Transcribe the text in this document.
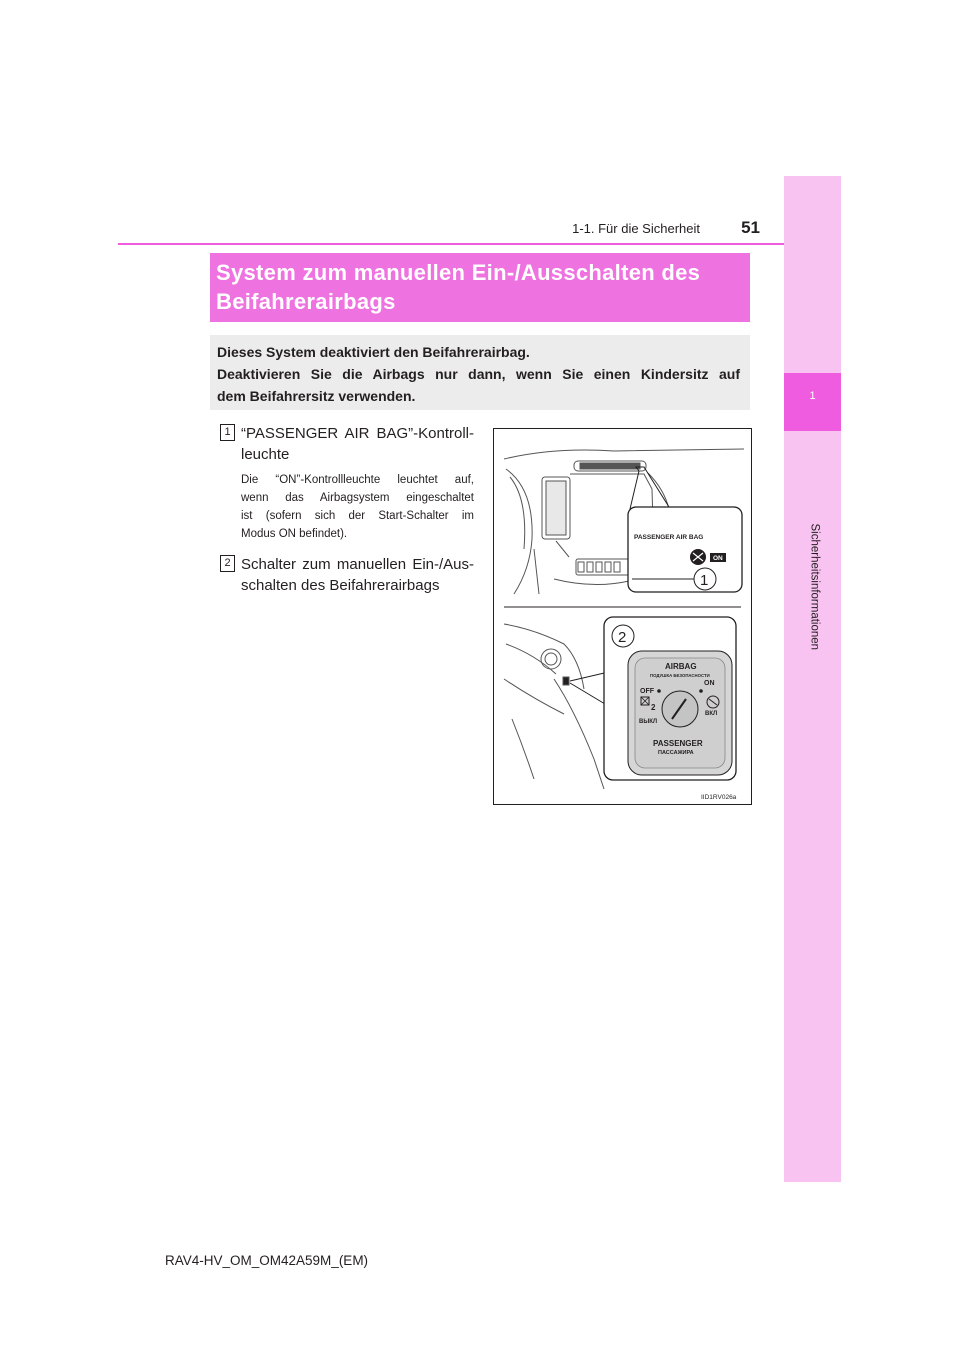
1
Sicherheitsinformationen
1-1. Für die Sicherheit	51
System zum manuellen Ein-/Ausschalten des
Beifahrerairbags
Dieses System deaktiviert den Beifahrerairbag.
Deaktivieren Sie die Airbags nur dann, wenn Sie einen Kindersitz auf
dem Beifahrersitz verwenden.
1 “PASSENGER AIR BAG”-Kontroll-
leuchte
Die “ON”-Kontrollleuchte leuchtet auf,
wenn das Airbagsystem eingeschaltet
ist (sofern sich der Start-Schalter im
Modus ON befindet).
2 Schalter zum manuellen Ein-/Aus-
schalten des Beifahrerairbags
PASSENGER AIR BAG
ON
1
2
AIRBAG
ПОДУШКА БЕЗОПАСНОСТИ
OFF
ВЫКЛ
ON
ВКЛ
2
PASSENGER
ПАССАЖИРА
IID1RV026a
RAV4-HV_OM_OM42A59M_(EM)
